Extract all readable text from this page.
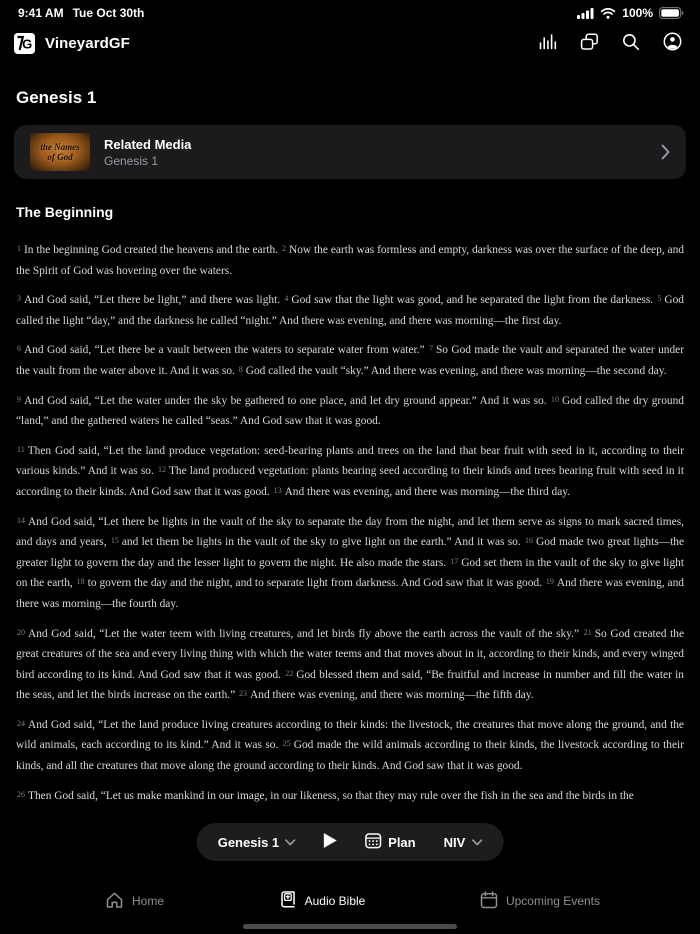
9:41 AM Tue Oct 30th	100%
G VineyardGF
Genesis 1
the Names
of God
Related Media
Genesis 1
The Beginning

$^1$ In the beginning God created the heavens and the earth. $^2$ Now the earth was formless and empty, darkness was over the surface of the deep, and the Spirit of God was hovering over the waters.

$^3$ And God said, “Let there be light,” and there was light. $^4$ God saw that the light was good, and he separated the light from the darkness. $^5$ God called the light “day,” and the darkness he called “night.” And there was evening, and there was morning—the first day.

$^6$ And God said, “Let there be a vault between the waters to separate water from water.” $^7$ So God made the vault and separated the water under the vault from the water above it. And it was so. $^8$ God called the vault “sky.” And there was evening, and there was morning—the second day.

$^9$ And God said, “Let the water under the sky be gathered to one place, and let dry ground appear.” And it was so. $^{10}$ God called the dry ground “land,” and the gathered waters he called “seas.” And God saw that it was good.

$^{11}$ Then God said, “Let the land produce vegetation: seed-bearing plants and trees on the land that bear fruit with seed in it, according to their various kinds.” And it was so. $^{12}$ The land produced vegetation: plants bearing seed according to their kinds and trees bearing fruit with seed in it according to their kinds. And God saw that it was good. $^{13}$ And there was evening, and there was morning—the third day.

$^{14}$ And God said, “Let there be lights in the vault of the sky to separate the day from the night, and let them serve as signs to mark sacred times, and days and years, $^{15}$ and let them be lights in the vault of the sky to give light on the earth.” And it was so. $^{16}$ God made two great lights—the greater light to govern the day and the lesser light to govern the night. He also made the stars. $^{17}$ God set them in the vault of the sky to give light on the earth, $^{18}$ to govern the day and the night, and to separate light from darkness. And God saw that it was good. $^{19}$ And there was evening, and there was morning—the fourth day.

$^{20}$ And God said, “Let the water teem with living creatures, and let birds fly above the earth across the vault of the sky.” $^{21}$ So God created the great creatures of the sea and every living thing with which the water teems and that moves about in it, according to their kinds, and every winged bird according to its kind. And God saw that it was good. $^{22}$ God blessed them and said, “Be fruitful and increase in number and fill the water in the seas, and let the birds increase on the earth.” $^{23}$ And there was evening, and there was morning—the fifth day.

$^{24}$ And God said, “Let the land produce living creatures according to their kinds: the livestock, the creatures that move along the ground, and the wild animals, each according to its kind.” And it was so. $^{25}$ God made the wild animals according to their kinds, the livestock according to their kinds, and all the creatures that move along the ground according to their kinds. And God saw that it was good.

$^{26}$ Then God said, “Let us make mankind in our image, in our likeness, so that they may rule over the fish in the sea and the birds in the

Genesis 1	Plan NIV
Home	Audio Bible	Upcoming Events
